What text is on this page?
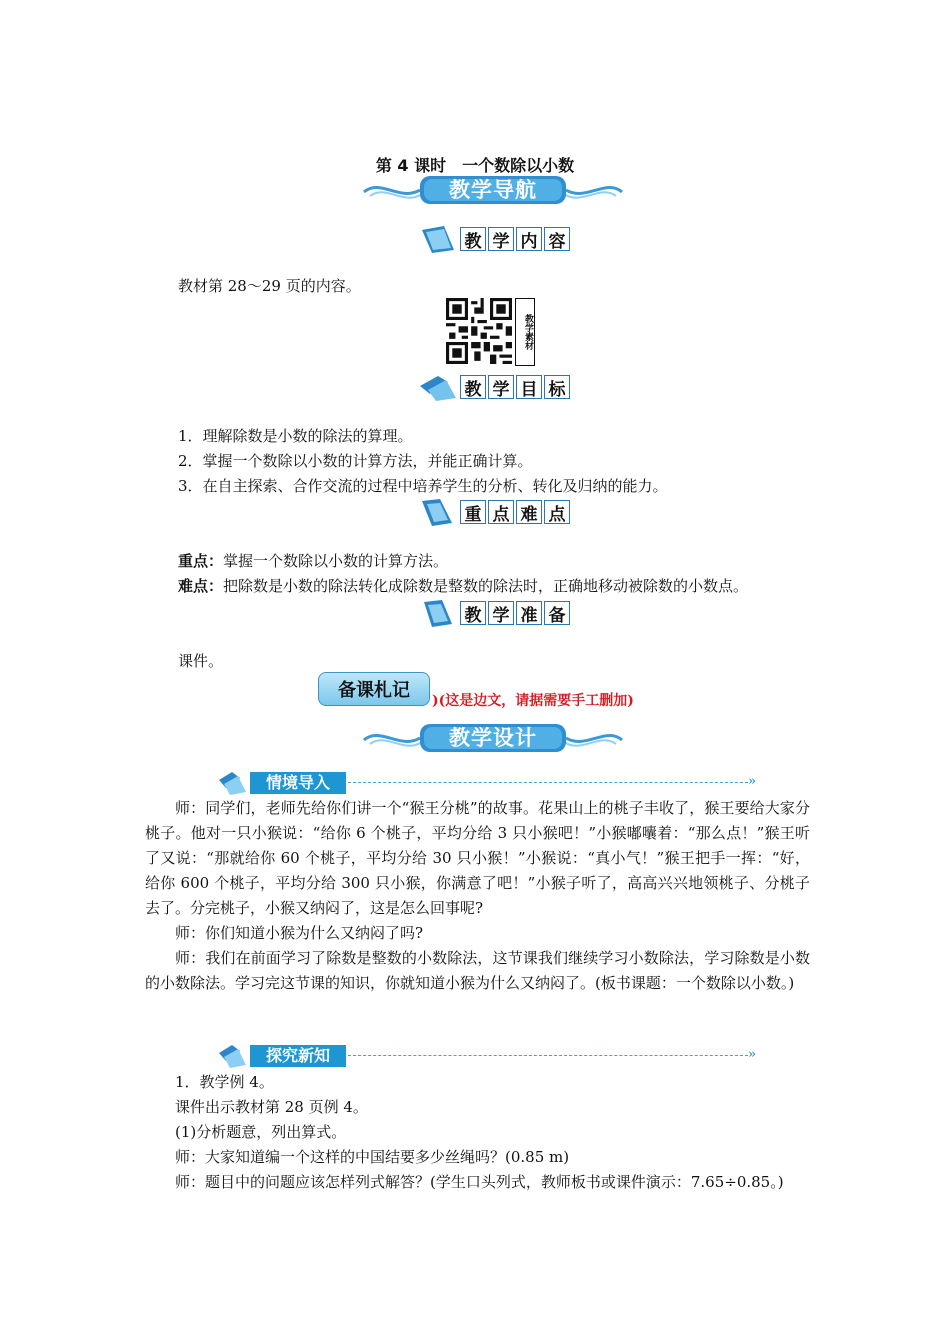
第 4 课时　一个数除以小数
教学导航
教 学 内 容
教材第 28～29 页的内容。
教学素材
教 学 目 标
1．理解除数是小数的除法的算理。
2．掌握一个数除以小数的计算方法，并能正确计算。
3．在自主探索、合作交流的过程中培养学生的分析、转化及归纳的能力。
重 点 难 点
重点：掌握一个数除以小数的计算方法。
难点：把除数是小数的除法转化成除数是整数的除法时，正确地移动被除数的小数点。
教 学 准 备
课件。
备课札记	)(这是边文，请据需要手工删加)
教学设计
情境导入	»

师：同学们，老师先给你们讲一个“猴王分桃”的故事。花果山上的桃子丰收了，猴王要给大家分桃子。他对一只小猴说：“给你 6 个桃子，平均分给 3 只小猴吧！”小猴嘟囔着：“那么点！”猴王听了又说：“那就给你 60 个桃子，平均分给 30 只小猴！”小猴说：“真小气！”猴王把手一挥：“好，给你 600 个桃子，平均分给 300 只小猴，你满意了吧！”小猴子听了，高高兴兴地领桃子、分桃子去了。分完桃子，小猴又纳闷了，这是怎么回事呢?

师：你们知道小猴为什么又纳闷了吗?

师：我们在前面学习了除数是整数的小数除法，这节课我们继续学习小数除法，学习除数是小数的小数除法。学习完这节课的知识，你就知道小猴为什么又纳闷了。(板书课题：一个数除以小数。)

探究新知	»

1．教学例 4。

课件出示教材第 28 页例 4。

(1)分析题意，列出算式。

师：大家知道编一个这样的中国结要多少丝绳吗？(0.85 m)

师：题目中的问题应该怎样列式解答？(学生口头列式，教师板书或课件演示：7.65÷0.85。)
